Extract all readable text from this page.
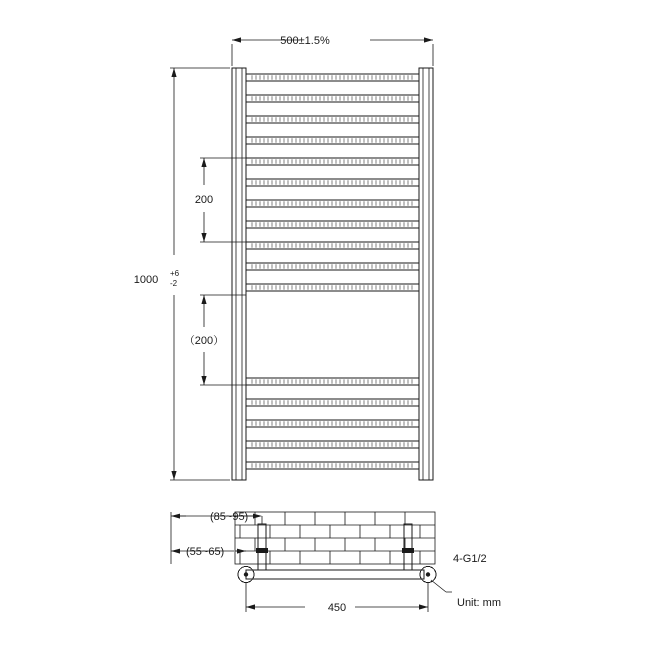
500±1.5%
1000
+6
-2
200
（200）
(85~95)
(55~65)
4-G1/2
450	Unit: mm
